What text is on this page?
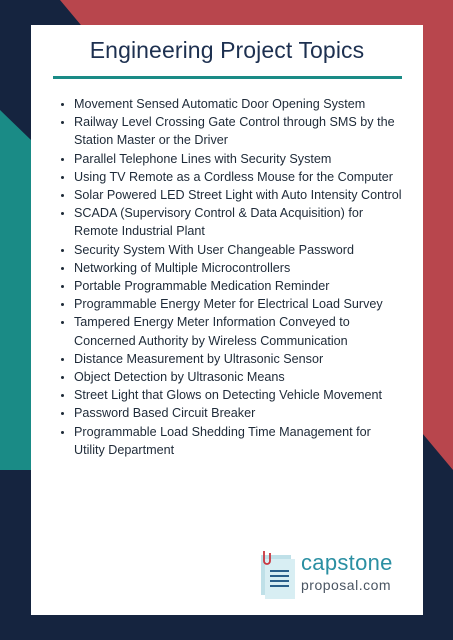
Engineering Project Topics
• Movement Sensed Automatic Door Opening System
• Railway Level Crossing Gate Control through SMS by the Station Master or the Driver
• Parallel Telephone Lines with Security System
• Using TV Remote as a Cordless Mouse for the Computer
• Solar Powered LED Street Light with Auto Intensity Control
• SCADA (Supervisory Control & Data Acquisition) for Remote Industrial Plant
• Security System With User Changeable Password
• Networking of Multiple Microcontrollers
• Portable Programmable Medication Reminder
• Programmable Energy Meter for Electrical Load Survey
• Tampered Energy Meter Information Conveyed to Concerned Authority by Wireless Communication
• Distance Measurement by Ultrasonic Sensor
• Object Detection by Ultrasonic Means
• Street Light that Glows on Detecting Vehicle Movement
• Password Based Circuit Breaker
• Programmable Load Shedding Time Management for Utility Department
capstone
proposal.com
